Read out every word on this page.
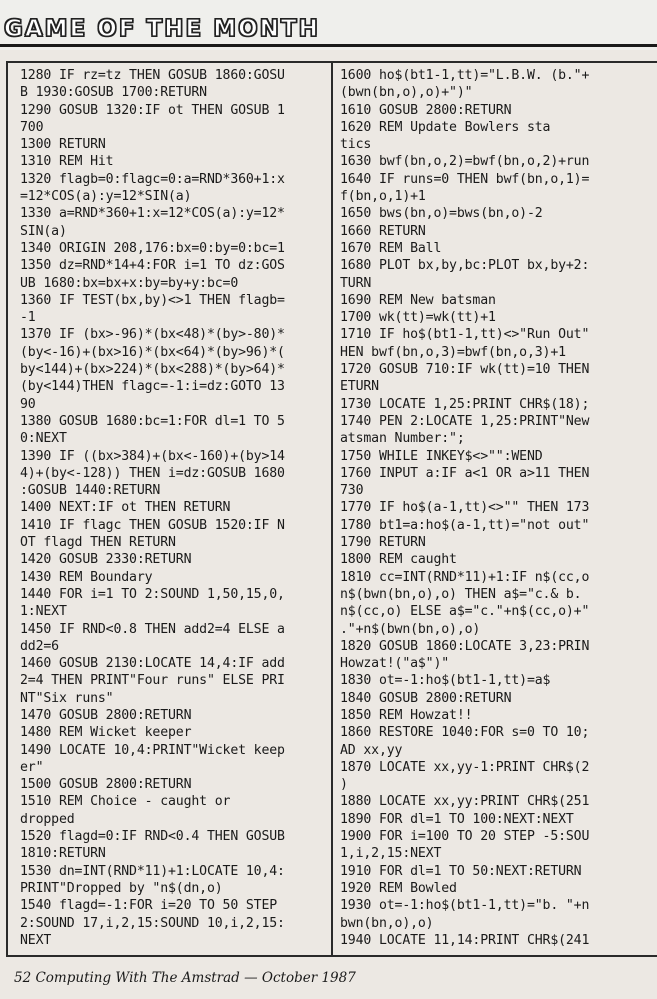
GAME OF THE MONTH
1280 IF rz=tz THEN GOSUB 1860:GOSU
B 1930:GOSUB 1700:RETURN
1290 GOSUB 1320:IF ot THEN GOSUB 1
700
1300 RETURN
1310 REM Hit
1320 flagb=0:flagc=0:a=RND*360+1:x
=12*COS(a):y=12*SIN(a)
1330 a=RND*360+1:x=12*COS(a):y=12*
SIN(a)
1340 ORIGIN 208,176:bx=0:by=0:bc=1
1350 dz=RND*14+4:FOR i=1 TO dz:GOS
UB 1680:bx=bx+x:by=by+y:bc=0
1360 IF TEST(bx,by)<>1 THEN flagb=
-1
1370 IF (bx>-96)*(bx<48)*(by>-80)*
(by<-16)+(bx>16)*(bx<64)*(by>96)*(
by<144)+(bx>224)*(bx<288)*(by>64)*
(by<144)THEN flagc=-1:i=dz:GOTO 13
90
1380 GOSUB 1680:bc=1:FOR dl=1 TO 5
0:NEXT
1390 IF ((bx>384)+(bx<-160)+(by>14
4)+(by<-128)) THEN i=dz:GOSUB 1680
:GOSUB 1440:RETURN
1400 NEXT:IF ot THEN RETURN
1410 IF flagc THEN GOSUB 1520:IF N
OT flagd THEN RETURN
1420 GOSUB 2330:RETURN
1430 REM Boundary
1440 FOR i=1 TO 2:SOUND 1,50,15,0,
1:NEXT
1450 IF RND<0.8 THEN add2=4 ELSE a
dd2=6
1460 GOSUB 2130:LOCATE 14,4:IF add
2=4 THEN PRINT"Four runs" ELSE PRI
NT"Six runs"
1470 GOSUB 2800:RETURN
1480 REM Wicket keeper
1490 LOCATE 10,4:PRINT"Wicket keep
er"
1500 GOSUB 2800:RETURN
1510 REM Choice - caught or
dropped
1520 flagd=0:IF RND<0.4 THEN GOSUB
1810:RETURN
1530 dn=INT(RND*11)+1:LOCATE 10,4:
PRINT"Dropped by "n$(dn,o)
1540 flagd=-1:FOR i=20 TO 50 STEP
2:SOUND 17,i,2,15:SOUND 10,i,2,15:
NEXT
1600 ho$(bt1-1,tt)="L.B.W. (b."+
(bwn(bn,o),o)+")"
1610 GOSUB 2800:RETURN
1620 REM Update Bowlers sta
tics
1630 bwf(bn,o,2)=bwf(bn,o,2)+run
1640 IF runs=0 THEN bwf(bn,o,1)=
f(bn,o,1)+1
1650 bws(bn,o)=bws(bn,o)-2
1660 RETURN
1670 REM Ball
1680 PLOT bx,by,bc:PLOT bx,by+2:
TURN
1690 REM New batsman
1700 wk(tt)=wk(tt)+1
1710 IF ho$(bt1-1,tt)<>"Run Out"
HEN bwf(bn,o,3)=bwf(bn,o,3)+1
1720 GOSUB 710:IF wk(tt)=10 THEN
ETURN
1730 LOCATE 1,25:PRINT CHR$(18);
1740 PEN 2:LOCATE 1,25:PRINT"New
atsman Number:";
1750 WHILE INKEY$<>"":WEND
1760 INPUT a:IF a<1 OR a>11 THEN
730
1770 IF ho$(a-1,tt)<>"" THEN 173
1780 bt1=a:ho$(a-1,tt)="not out"
1790 RETURN
1800 REM caught
1810 cc=INT(RND*11)+1:IF n$(cc,o
n$(bwn(bn,o),o) THEN a$="c.& b.
n$(cc,o) ELSE a$="c."+n$(cc,o)+"
."+n$(bwn(bn,o),o)
1820 GOSUB 1860:LOCATE 3,23:PRIN
Howzat!("a$")"
1830 ot=-1:ho$(bt1-1,tt)=a$
1840 GOSUB 2800:RETURN
1850 REM Howzat!!
1860 RESTORE 1040:FOR s=0 TO 10;
AD xx,yy
1870 LOCATE xx,yy-1:PRINT CHR$(2
)
1880 LOCATE xx,yy:PRINT CHR$(251
1890 FOR dl=1 TO 100:NEXT:NEXT
1900 FOR i=100 TO 20 STEP -5:SOU
1,i,2,15:NEXT
1910 FOR dl=1 TO 50:NEXT:RETURN
1920 REM Bowled
1930 ot=-1:ho$(bt1-1,tt)="b. "+n
bwn(bn,o),o)
1940 LOCATE 11,14:PRINT CHR$(241
52 Computing With The Amstrad — October 1987
